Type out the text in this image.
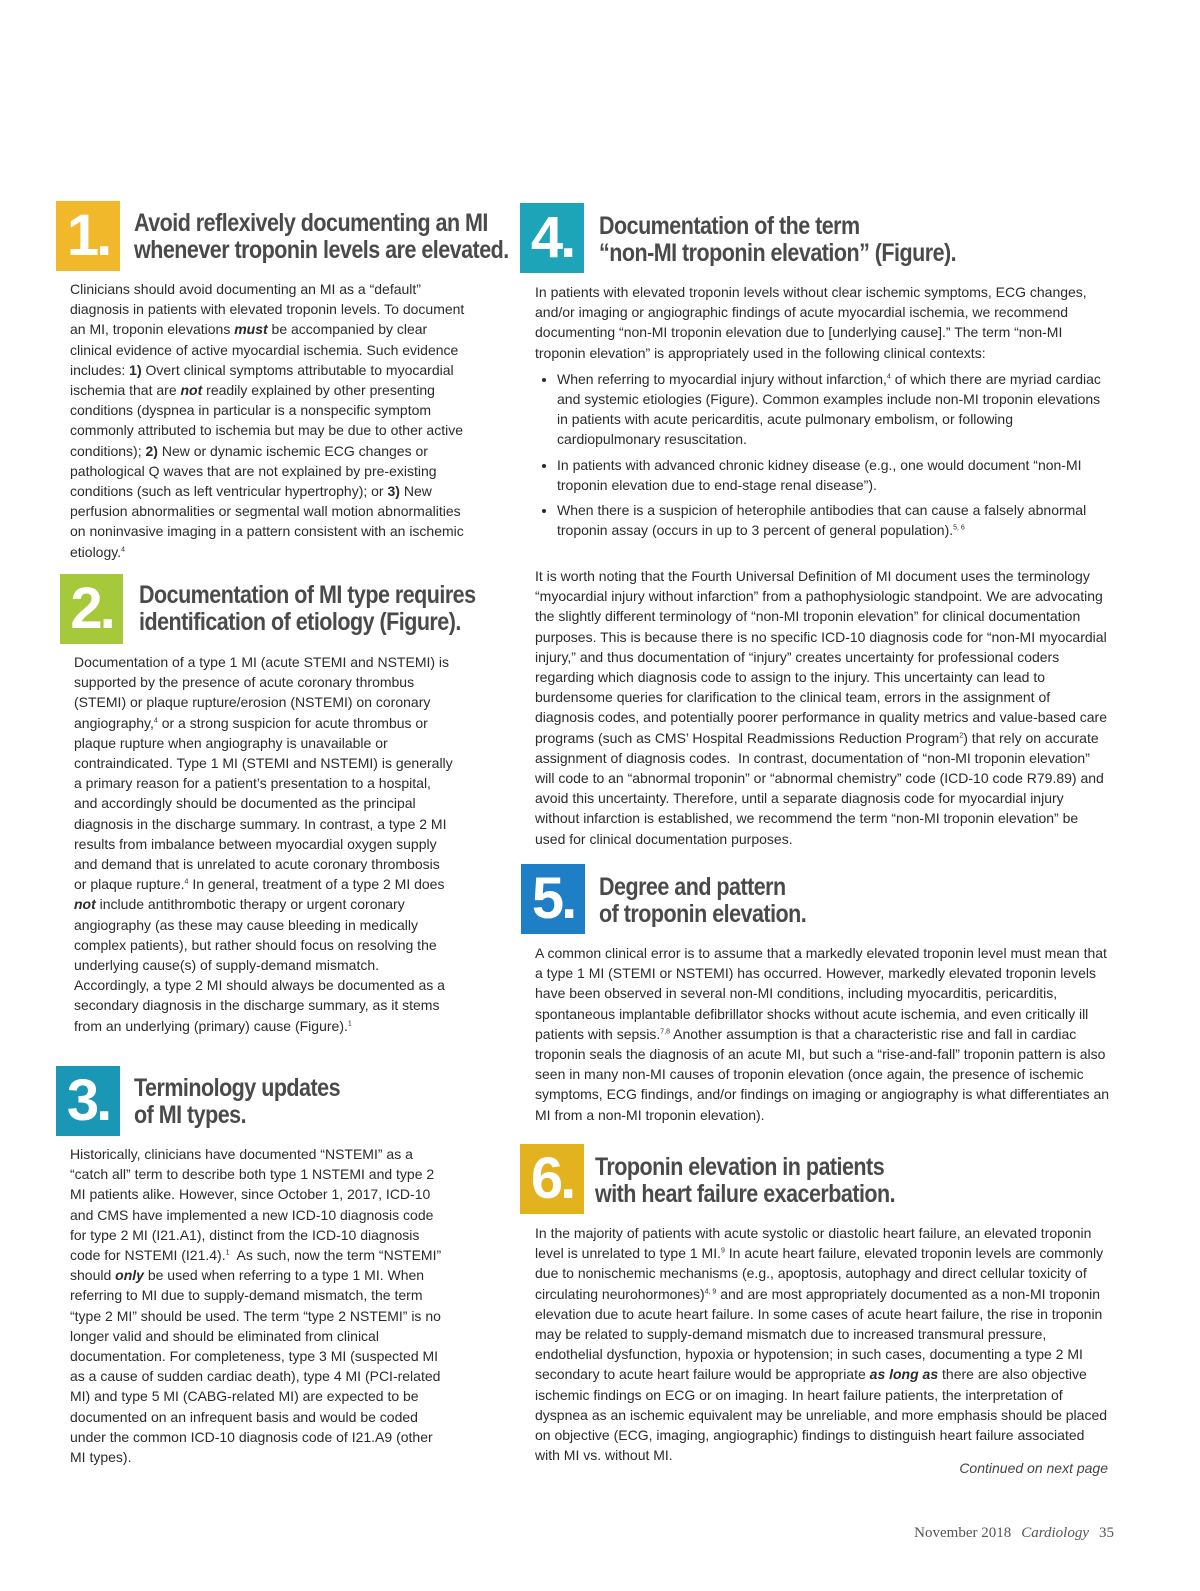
1. Avoid reflexively documenting an MI
whenever troponin levels are elevated.

Clinicians should avoid documenting an MI as a “default” diagnosis in patients with elevated troponin levels. To document an MI, troponin elevations must be accompanied by clear clinical evidence of active myocardial ischemia. Such evidence includes: 1) Overt clinical symptoms attributable to myocardial ischemia that are not readily explained by other presenting conditions (dyspnea in particular is a nonspecific symptom commonly attributed to ischemia but may be due to other active conditions); 2) New or dynamic ischemic ECG changes or pathological Q waves that are not explained by pre-existing conditions (such as left ventricular hypertrophy); or 3) New perfusion abnormalities or segmental wall motion abnormalities on noninvasive imaging in a pattern consistent with an ischemic etiology.$^4$

2.	Documentation of MI type requires
identification of etiology (Figure).

Documentation of a type 1 MI (acute STEMI and NSTEMI) is supported by the presence of acute coronary thrombus (STEMI) or plaque rupture/erosion (NSTEMI) on coronary angiography,$^4$ or a strong suspicion for acute thrombus or plaque rupture when angiography is unavailable or contraindicated. Type 1 MI (STEMI and NSTEMI) is generally a primary reason for a patient’s presentation to a hospital, and accordingly should be documented as the principal diagnosis in the discharge summary. In contrast, a type 2 MI results from imbalance between myocardial oxygen supply and demand that is unrelated to acute coronary thrombosis or plaque rupture.$^4$ In general, treatment of a type 2 MI does not include antithrombotic therapy or urgent coronary angiography (as these may cause bleeding in medically complex patients), but rather should focus on resolving the underlying cause(s) of supply-demand mismatch. Accordingly, a type 2 MI should always be documented as a secondary diagnosis in the discharge summary, as it stems from an underlying (primary) cause (Figure).$^1$

3. Terminology updates
of MI types.

Historically, clinicians have documented “NSTEMI” as a “catch all” term to describe both type 1 NSTEMI and type 2 MI patients alike. However, since October 1, 2017, ICD-10 and CMS have implemented a new ICD-10 diagnosis code for type 2 MI (I21.A1), distinct from the ICD-10 diagnosis code for NSTEMI (I21.4).$^1$  As such, now the term “NSTEMI” should only be used when referring to a type 1 MI. When referring to MI due to supply-demand mismatch, the term “type 2 MI” should be used. The term “type 2 NSTEMI” is no longer valid and should be eliminated from clinical documentation. For completeness, type 3 MI (suspected MI as a cause of sudden cardiac death), type 4 MI (PCI-related MI) and type 5 MI (CABG-related MI) are expected to be documented on an infrequent basis and would be coded under the common ICD-10 diagnosis code of I21.A9 (other MI types).

4.	Documentation of the term
“non-MI troponin elevation” (Figure).

In patients with elevated troponin levels without clear ischemic symptoms, ECG changes, and/or imaging or angiographic findings of acute myocardial ischemia, we recommend documenting “non-MI troponin elevation due to [underlying cause].” The term “non-MI troponin elevation” is appropriately used in the following clinical contexts:

• When referring to myocardial injury without infarction,$^4$ of which there are myriad cardiac and systemic etiologies (Figure). Common examples include non-MI troponin elevations in patients with acute pericarditis, acute pulmonary embolism, or following cardiopulmonary resuscitation.
• In patients with advanced chronic kidney disease (e.g., one would document “non-MI troponin elevation due to end-stage renal disease”).
• When there is a suspicion of heterophile antibodies that can cause a falsely abnormal troponin assay (occurs in up to 3 percent of general population).$^{5, 6}$

It is worth noting that the Fourth Universal Definition of MI document uses the terminology “myocardial injury without infarction” from a pathophysiologic standpoint. We are advocating the slightly different terminology of “non-MI troponin elevation” for clinical documentation purposes. This is because there is no specific ICD-10 diagnosis code for “non-MI myocardial injury,” and thus documentation of “injury” creates uncertainty for professional coders regarding which diagnosis code to assign to the injury. This uncertainty can lead to burdensome queries for clarification to the clinical team, errors in the assignment of diagnosis codes, and potentially poorer performance in quality metrics and value-based care programs (such as CMS’ Hospital Readmissions Reduction Program$^2$) that rely on accurate assignment of diagnosis codes.  In contrast, documentation of “non-MI troponin elevation” will code to an “abnormal troponin” or “abnormal chemistry” code (ICD-10 code R79.89) and avoid this uncertainty. Therefore, until a separate diagnosis code for myocardial injury without infarction is established, we recommend the term “non-MI troponin elevation” be used for clinical documentation purposes.

5. Degree and pattern
of troponin elevation.

A common clinical error is to assume that a markedly elevated troponin level must mean that a type 1 MI (STEMI or NSTEMI) has occurred. However, markedly elevated troponin levels have been observed in several non-MI conditions, including myocarditis, pericarditis, spontaneous implantable defibrillator shocks without acute ischemia, and even critically ill patients with sepsis.$^{7,8}$ Another assumption is that a characteristic rise and fall in cardiac troponin seals the diagnosis of an acute MI, but such a “rise-and-fall” troponin pattern is also seen in many non-MI causes of troponin elevation (once again, the presence of ischemic symptoms, ECG findings, and/or findings on imaging or angiography is what differentiates an MI from a non-MI troponin elevation).

6. Troponin elevation in patients
with heart failure exacerbation.

In the majority of patients with acute systolic or diastolic heart failure, an elevated troponin level is unrelated to type 1 MI.$^9$ In acute heart failure, elevated troponin levels are commonly due to nonischemic mechanisms (e.g., apoptosis, autophagy and direct cellular toxicity of circulating neurohormones)$^{4, 9}$ and are most appropriately documented as a non-MI troponin elevation due to acute heart failure. In some cases of acute heart failure, the rise in troponin may be related to supply-demand mismatch due to increased transmural pressure, endothelial dysfunction, hypoxia or hypotension; in such cases, documenting a type 2 MI secondary to acute heart failure would be appropriate as long as there are also objective ischemic findings on ECG or on imaging. In heart failure patients, the interpretation of dyspnea as an ischemic equivalent may be unreliable, and more emphasis should be placed on objective (ECG, imaging, angiographic) findings to distinguish heart failure associated with MI vs. without MI.

Continued on next page
November 2018 Cardiology 35
